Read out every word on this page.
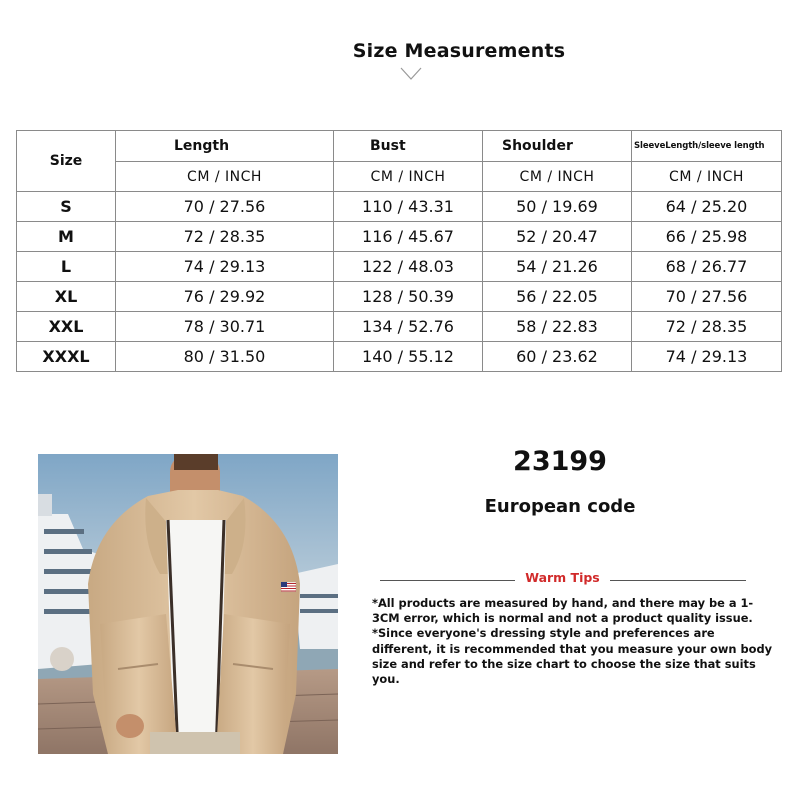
Size Measurements
Size	Length	Bust	Shoulder	SleeveLength/sleeve length
	CM / INCH	CM / INCH	CM / INCH	CM / INCH
S	70 / 27.56	110 / 43.31	50 / 19.69	64 / 25.20
M	72 / 28.35	116 / 45.67	52 / 20.47	66 / 25.98
L	74 / 29.13	122 / 48.03	54 / 21.26	68 / 26.77
XL	76 / 29.92	128 / 50.39	56 / 22.05	70 / 27.56
XXL	78 / 30.71	134 / 52.76	58 / 22.83	72 / 28.35
XXXL	80 / 31.50	140 / 55.12	60 / 23.62	74 / 29.13
23199
European code
Warm Tips
*All products are measured by hand, and there may be a 1-3CM error, which is normal and not a product quality issue. *Since everyone's dressing style and preferences are different, it is recommended that you measure your own body size and refer to the size chart to choose the size that suits you.
